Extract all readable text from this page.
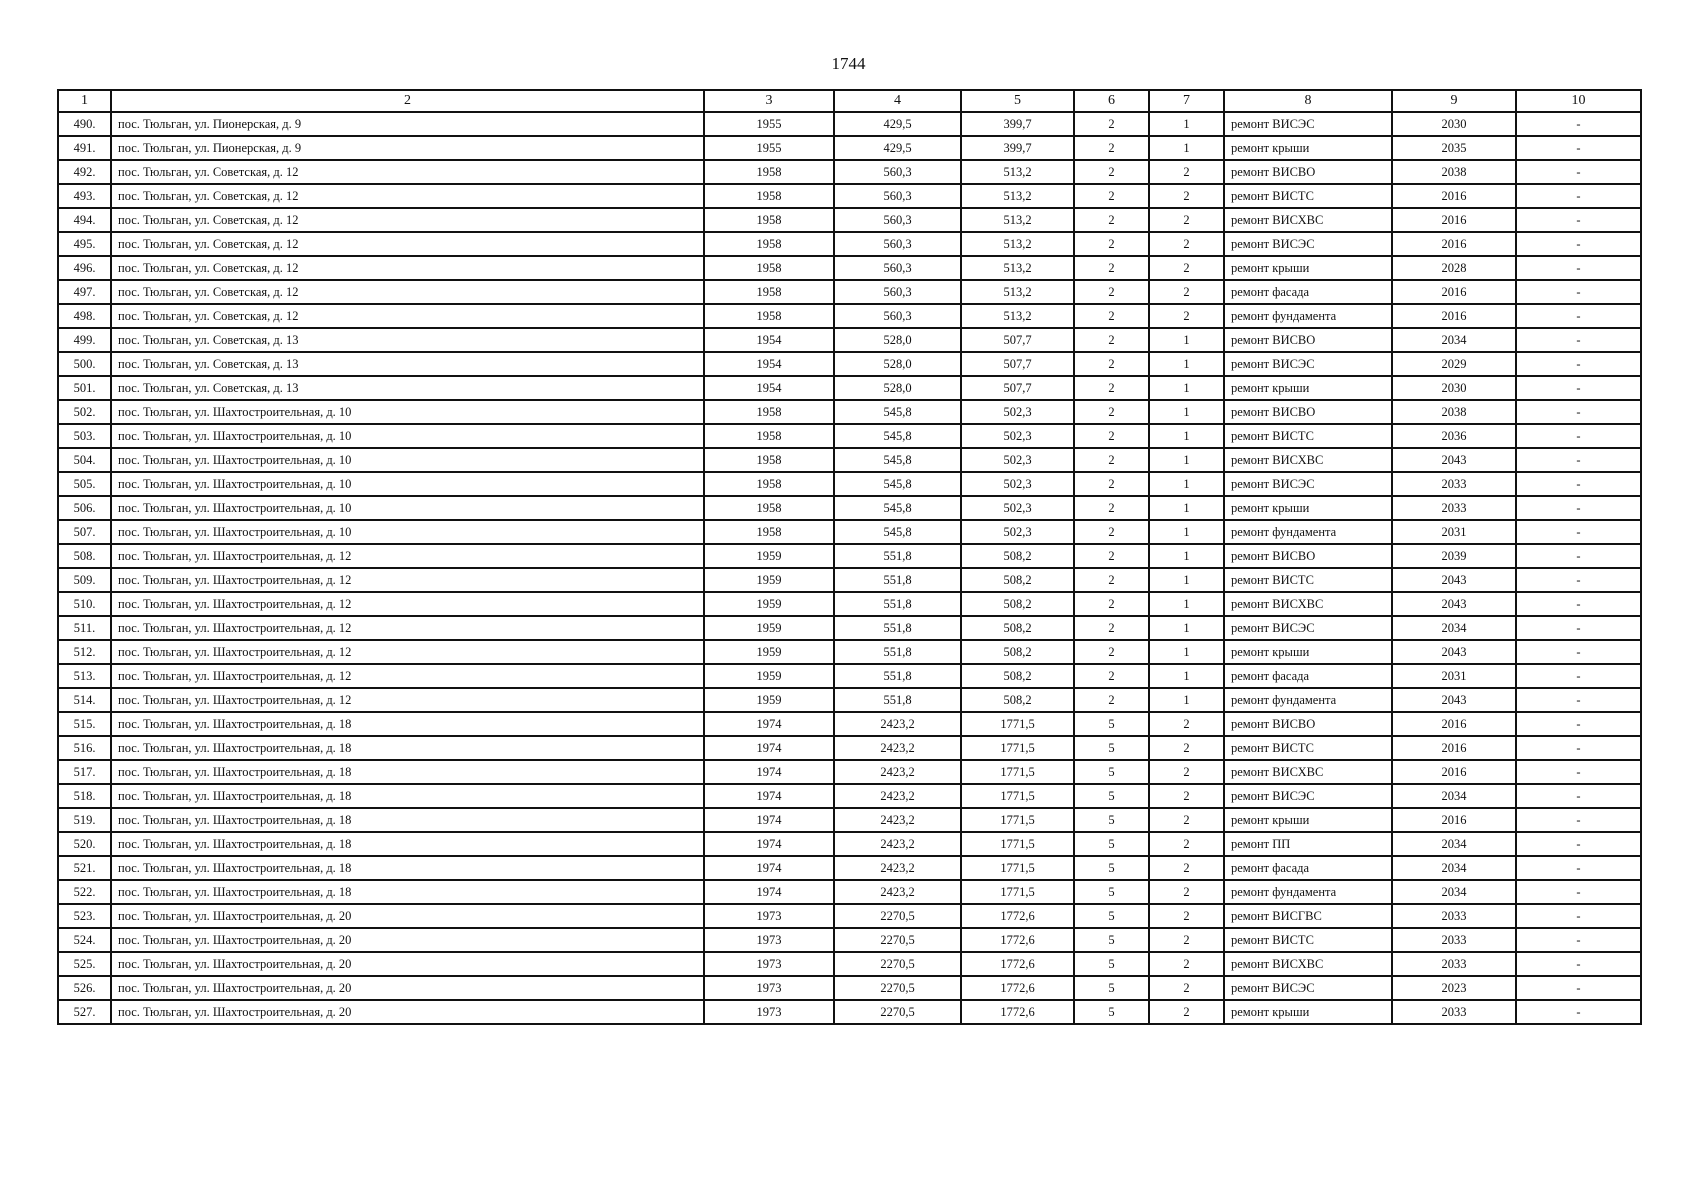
1744
1	2	3	4	5	6	7	8	9	10
490.	пос. Тюльган, ул. Пионерская, д. 9	1955	429,5	399,7	2	1	ремонт ВИСЭС	2030	-
491.	пос. Тюльган, ул. Пионерская, д. 9	1955	429,5	399,7	2	1	ремонт крыши	2035	-
492.	пос. Тюльган, ул. Советская, д. 12	1958	560,3	513,2	2	2	ремонт ВИСВО	2038	-
493.	пос. Тюльган, ул. Советская, д. 12	1958	560,3	513,2	2	2	ремонт ВИСТС	2016	-
494.	пос. Тюльган, ул. Советская, д. 12	1958	560,3	513,2	2	2	ремонт ВИСХВС	2016	-
495.	пос. Тюльган, ул. Советская, д. 12	1958	560,3	513,2	2	2	ремонт ВИСЭС	2016	-
496.	пос. Тюльган, ул. Советская, д. 12	1958	560,3	513,2	2	2	ремонт крыши	2028	-
497.	пос. Тюльган, ул. Советская, д. 12	1958	560,3	513,2	2	2	ремонт фасада	2016	-
498.	пос. Тюльган, ул. Советская, д. 12	1958	560,3	513,2	2	2	ремонт фундамента	2016	-
499.	пос. Тюльган, ул. Советская, д. 13	1954	528,0	507,7	2	1	ремонт ВИСВО	2034	-
500.	пос. Тюльган, ул. Советская, д. 13	1954	528,0	507,7	2	1	ремонт ВИСЭС	2029	-
501.	пос. Тюльган, ул. Советская, д. 13	1954	528,0	507,7	2	1	ремонт крыши	2030	-
502.	пос. Тюльган, ул. Шахтостроительная, д. 10	1958	545,8	502,3	2	1	ремонт ВИСВО	2038	-
503.	пос. Тюльган, ул. Шахтостроительная, д. 10	1958	545,8	502,3	2	1	ремонт ВИСТС	2036	-
504.	пос. Тюльган, ул. Шахтостроительная, д. 10	1958	545,8	502,3	2	1	ремонт ВИСХВС	2043	-
505.	пос. Тюльган, ул. Шахтостроительная, д. 10	1958	545,8	502,3	2	1	ремонт ВИСЭС	2033	-
506.	пос. Тюльган, ул. Шахтостроительная, д. 10	1958	545,8	502,3	2	1	ремонт крыши	2033	-
507.	пос. Тюльган, ул. Шахтостроительная, д. 10	1958	545,8	502,3	2	1	ремонт фундамента	2031	-
508.	пос. Тюльган, ул. Шахтостроительная, д. 12	1959	551,8	508,2	2	1	ремонт ВИСВО	2039	-
509.	пос. Тюльган, ул. Шахтостроительная, д. 12	1959	551,8	508,2	2	1	ремонт ВИСТС	2043	-
510.	пос. Тюльган, ул. Шахтостроительная, д. 12	1959	551,8	508,2	2	1	ремонт ВИСХВС	2043	-
511.	пос. Тюльган, ул. Шахтостроительная, д. 12	1959	551,8	508,2	2	1	ремонт ВИСЭС	2034	-
512.	пос. Тюльган, ул. Шахтостроительная, д. 12	1959	551,8	508,2	2	1	ремонт крыши	2043	-
513.	пос. Тюльган, ул. Шахтостроительная, д. 12	1959	551,8	508,2	2	1	ремонт фасада	2031	-
514.	пос. Тюльган, ул. Шахтостроительная, д. 12	1959	551,8	508,2	2	1	ремонт фундамента	2043	-
515.	пос. Тюльган, ул. Шахтостроительная, д. 18	1974	2423,2	1771,5	5	2	ремонт ВИСВО	2016	-
516.	пос. Тюльган, ул. Шахтостроительная, д. 18	1974	2423,2	1771,5	5	2	ремонт ВИСТС	2016	-
517.	пос. Тюльган, ул. Шахтостроительная, д. 18	1974	2423,2	1771,5	5	2	ремонт ВИСХВС	2016	-
518.	пос. Тюльган, ул. Шахтостроительная, д. 18	1974	2423,2	1771,5	5	2	ремонт ВИСЭС	2034	-
519.	пос. Тюльган, ул. Шахтостроительная, д. 18	1974	2423,2	1771,5	5	2	ремонт крыши	2016	-
520.	пос. Тюльган, ул. Шахтостроительная, д. 18	1974	2423,2	1771,5	5	2	ремонт ПП	2034	-
521.	пос. Тюльган, ул. Шахтостроительная, д. 18	1974	2423,2	1771,5	5	2	ремонт фасада	2034	-
522.	пос. Тюльган, ул. Шахтостроительная, д. 18	1974	2423,2	1771,5	5	2	ремонт фундамента	2034	-
523.	пос. Тюльган, ул. Шахтостроительная, д. 20	1973	2270,5	1772,6	5	2	ремонт ВИСГВС	2033	-
524.	пос. Тюльган, ул. Шахтостроительная, д. 20	1973	2270,5	1772,6	5	2	ремонт ВИСТС	2033	-
525.	пос. Тюльган, ул. Шахтостроительная, д. 20	1973	2270,5	1772,6	5	2	ремонт ВИСХВС	2033	-
526.	пос. Тюльган, ул. Шахтостроительная, д. 20	1973	2270,5	1772,6	5	2	ремонт ВИСЭС	2023	-
527.	пос. Тюльган, ул. Шахтостроительная, д. 20	1973	2270,5	1772,6	5	2	ремонт крыши	2033	-
